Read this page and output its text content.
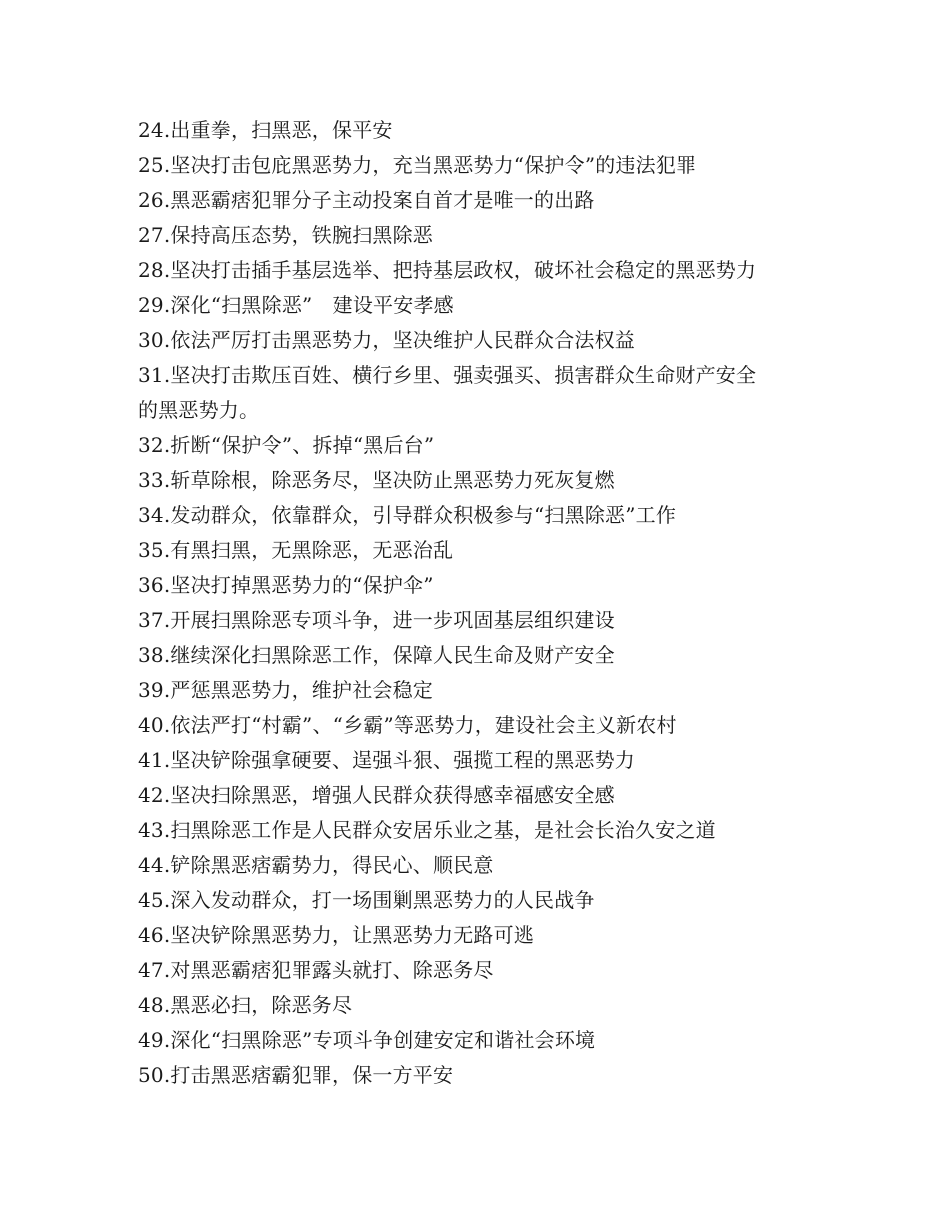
24.出重拳，扫黑恶，保平安
25.坚决打击包庇黑恶势力，充当黑恶势力“保护令”的违法犯罪
26.黑恶霸痞犯罪分子主动投案自首才是唯一的出路
27.保持高压态势，铁腕扫黑除恶
28.坚决打击插手基层选举、把持基层政权，破坏社会稳定的黑恶势力
29.深化“扫黑除恶”　建设平安孝感
30.依法严厉打击黑恶势力，坚决维护人民群众合法权益
31.坚决打击欺压百姓、横行乡里、强卖强买、损害群众生命财产安全
的黑恶势力。
32.折断“保护令”、拆掉“黑后台”
33.斩草除根，除恶务尽，坚决防止黑恶势力死灰复燃
34.发动群众，依靠群众，引导群众积极参与“扫黑除恶”工作
35.有黑扫黑，无黑除恶，无恶治乱
36.坚决打掉黑恶势力的“保护伞”
37.开展扫黑除恶专项斗争，进一步巩固基层组织建设
38.继续深化扫黑除恶工作，保障人民生命及财产安全
39.严惩黑恶势力，维护社会稳定
40.依法严打“村霸”、“乡霸”等恶势力，建设社会主义新农村
41.坚决铲除强拿硬要、逞强斗狠、强揽工程的黑恶势力
42.坚决扫除黑恶，增强人民群众获得感幸福感安全感
43.扫黑除恶工作是人民群众安居乐业之基，是社会长治久安之道
44.铲除黑恶痞霸势力，得民心、顺民意
45.深入发动群众，打一场围剿黑恶势力的人民战争
46.坚决铲除黑恶势力，让黑恶势力无路可逃
47.对黑恶霸痞犯罪露头就打、除恶务尽
48.黑恶必扫，除恶务尽
49.深化“扫黑除恶”专项斗争创建安定和谐社会环境
50.打击黑恶痞霸犯罪，保一方平安
